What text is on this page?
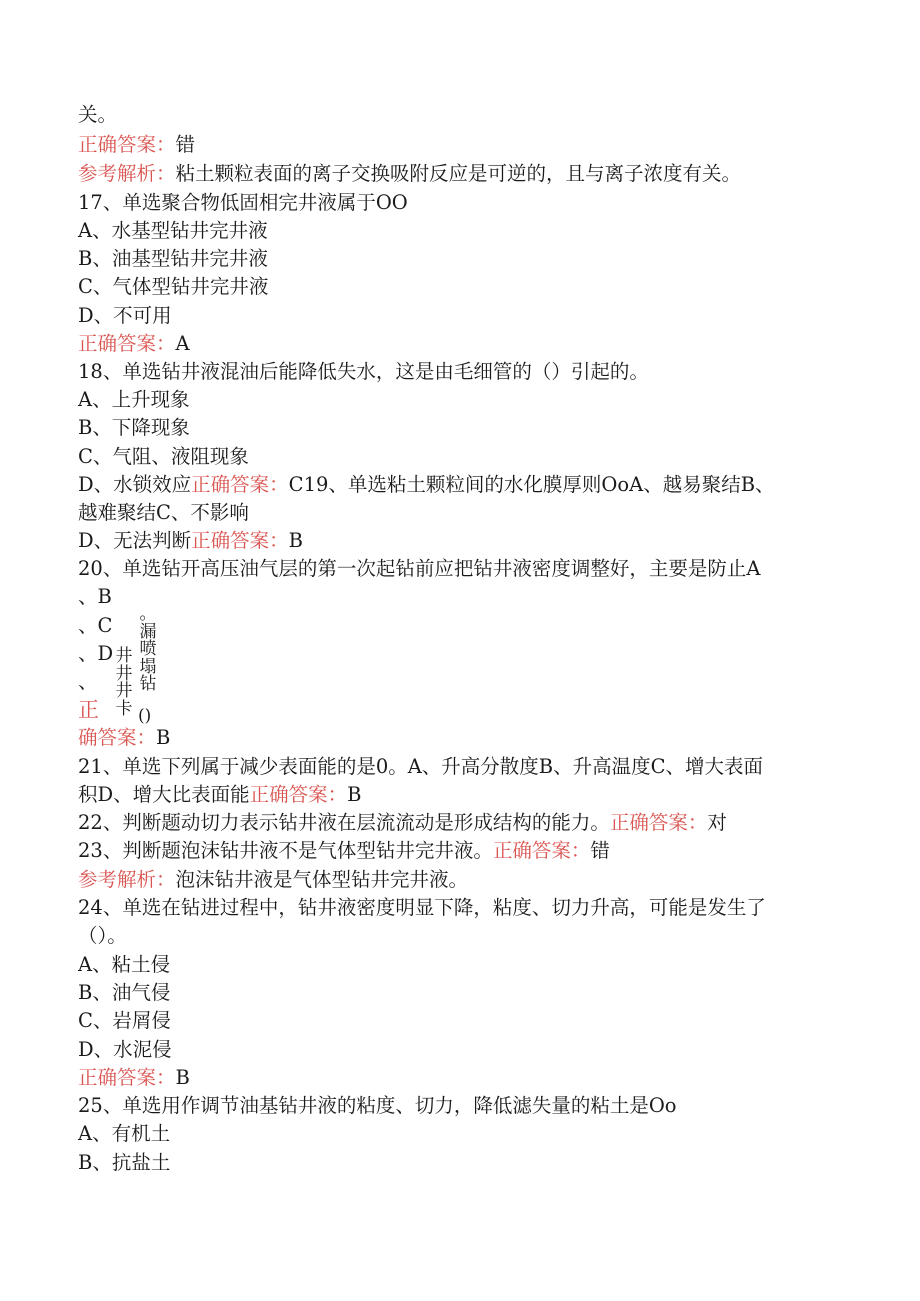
关。
正确答案：错
参考解析：粘土颗粒表面的离子交换吸附反应是可逆的，且与离子浓度有关。
17、单选聚合物低固相完井液属于OO
A、水基型钻井完井液
B、油基型钻井完井液
C、气体型钻井完井液
D、不可用
正确答案：A
18、单选钻井液混油后能降低失水，这是由毛细管的（）引起的。
A、上升现象
B、下降现象
C、气阻、液阻现象
D、水锁效应正确答案：C19、单选粘土颗粒间的水化膜厚则OoA、越易聚结B、
越难聚结C、不影响
D、无法判断正确答案：B
20、单选钻开高压油气层的第一次起钻前应把钻井液密度调整好，主要是防止A
、B
、C
、D
、
正
井井井卡
。漏喷塌钻
()
确答案：B
21、单选下列属于减少表面能的是0。A、升高分散度B、升高温度C、增大表面
积D、增大比表面能正确答案：B
22、判断题动切力表示钻井液在层流流动是形成结构的能力。正确答案：对
23、判断题泡沫钻井液不是气体型钻井完井液。正确答案：错
参考解析：泡沫钻井液是气体型钻井完井液。
24、单选在钻进过程中，钻井液密度明显下降，粘度、切力升高，可能是发生了
（）。
A、粘土侵
B、油气侵
C、岩屑侵
D、水泥侵
正确答案：B
25、单选用作调节油基钻井液的粘度、切力，降低滤失量的粘土是Oo
A、有机土
B、抗盐土
